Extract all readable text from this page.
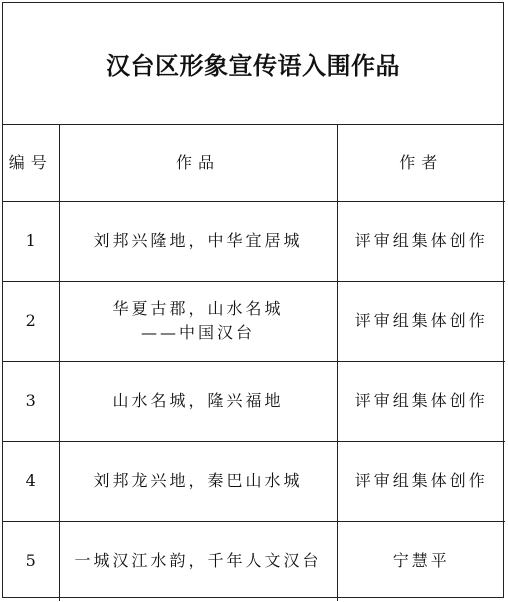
汉台区形象宣传语入围作品
编号	作品	作者
1	刘邦兴隆地，中华宜居城	评审组集体创作
2	华夏古郡，山水名城
——中国汉台	评审组集体创作
3	山水名城，隆兴福地	评审组集体创作
4	刘邦龙兴地，秦巴山水城	评审组集体创作
5	一城汉江水韵，千年人文汉台	宁慧平
